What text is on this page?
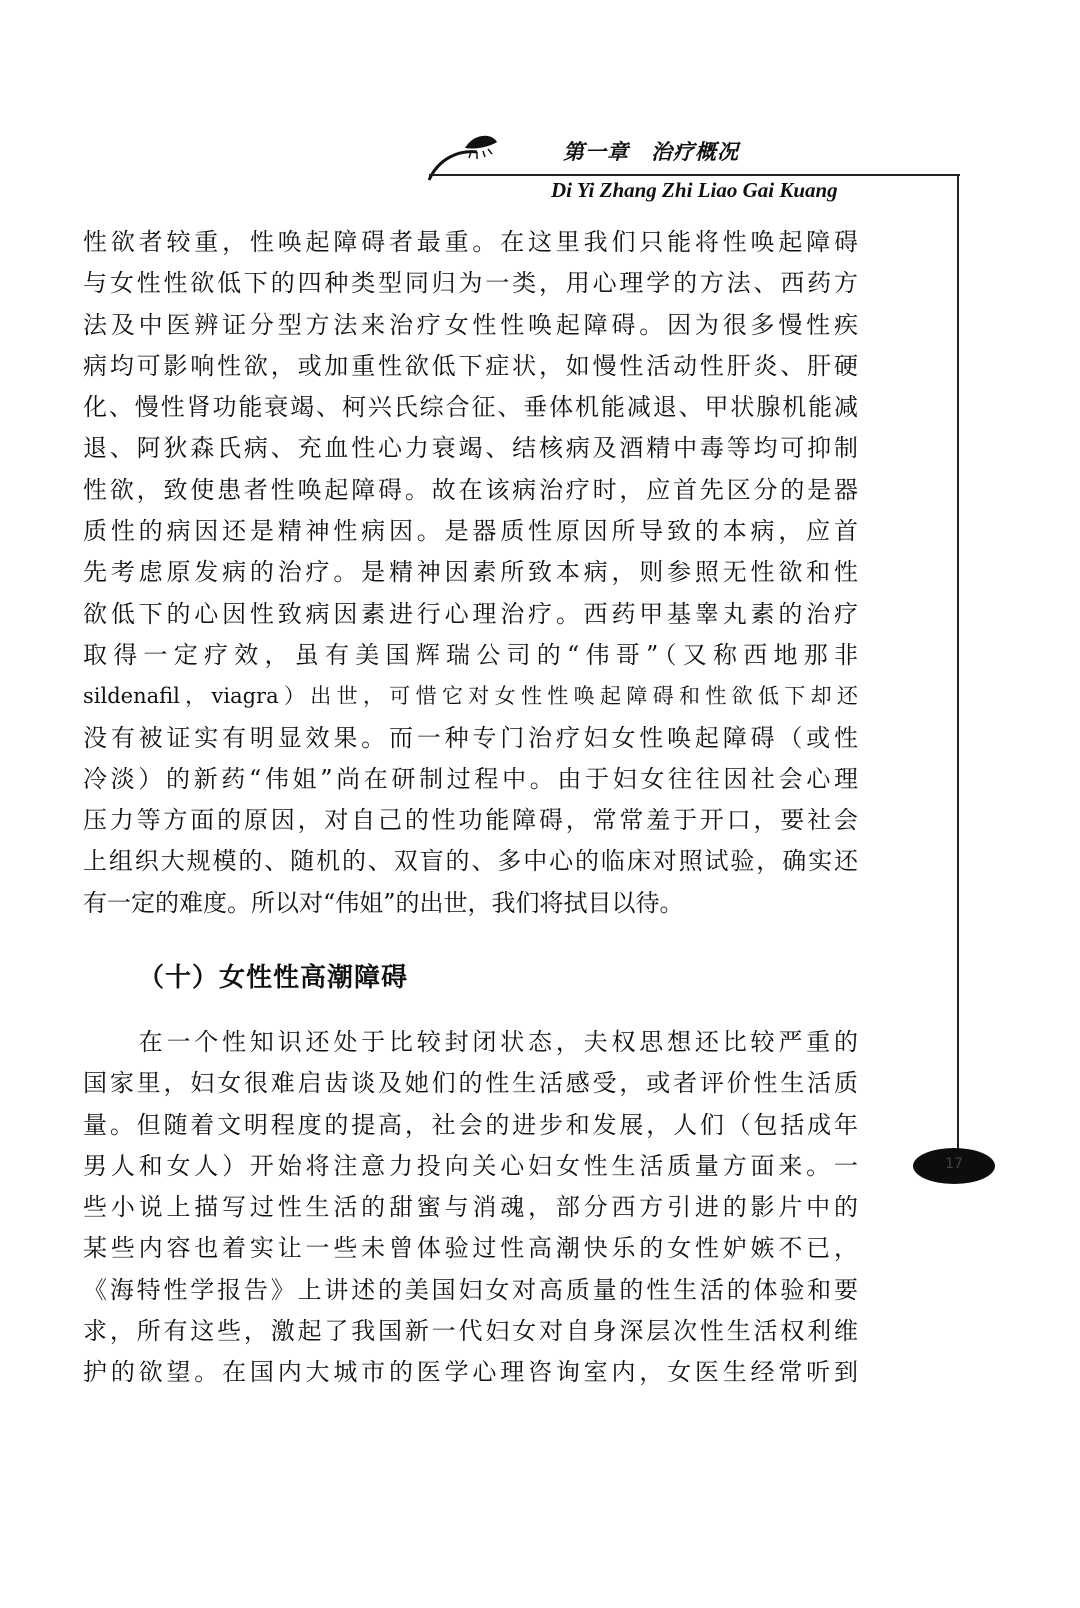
第一章　治疗概况
Di Yi Zhang Zhi Liao Gai Kuang
17
性欲者较重，性唤起障碍者最重。在这里我们只能将性唤起障碍
与女性性欲低下的四种类型同归为一类，用心理学的方法、西药方
法及中医辨证分型方法来治疗女性性唤起障碍。因为很多慢性疾
病均可影响性欲，或加重性欲低下症状，如慢性活动性肝炎、肝硬
化、慢性肾功能衰竭、柯兴氏综合征、垂体机能减退、甲状腺机能减
退、阿狄森氏病、充血性心力衰竭、结核病及酒精中毒等均可抑制
性欲，致使患者性唤起障碍。故在该病治疗时，应首先区分的是器
质性的病因还是精神性病因。是器质性原因所导致的本病，应首
先考虑原发病的治疗。是精神因素所致本病，则参照无性欲和性
欲低下的心因性致病因素进行心理治疗。西药甲基睾丸素的治疗
取得一定疗效，虽有美国辉瑞公司的“伟哥”（又称西地那非
sildenafil，viagra）出世，可惜它对女性性唤起障碍和性欲低下却还
没有被证实有明显效果。而一种专门治疗妇女性唤起障碍（或性
冷淡）的新药“伟姐”尚在研制过程中。由于妇女往往因社会心理
压力等方面的原因，对自己的性功能障碍，常常羞于开口，要社会
上组织大规模的、随机的、双盲的、多中心的临床对照试验，确实还
有一定的难度。所以对“伟姐”的出世，我们将拭目以待。
（十）女性性高潮障碍
　　在一个性知识还处于比较封闭状态，夫权思想还比较严重的
国家里，妇女很难启齿谈及她们的性生活感受，或者评价性生活质
量。但随着文明程度的提高，社会的进步和发展，人们（包括成年
男人和女人）开始将注意力投向关心妇女性生活质量方面来。一
些小说上描写过性生活的甜蜜与消魂，部分西方引进的影片中的
某些内容也着实让一些未曾体验过性高潮快乐的女性妒嫉不已，
《海特性学报告》上讲述的美国妇女对高质量的性生活的体验和要
求，所有这些，激起了我国新一代妇女对自身深层次性生活权利维
护的欲望。在国内大城市的医学心理咨询室内，女医生经常听到
